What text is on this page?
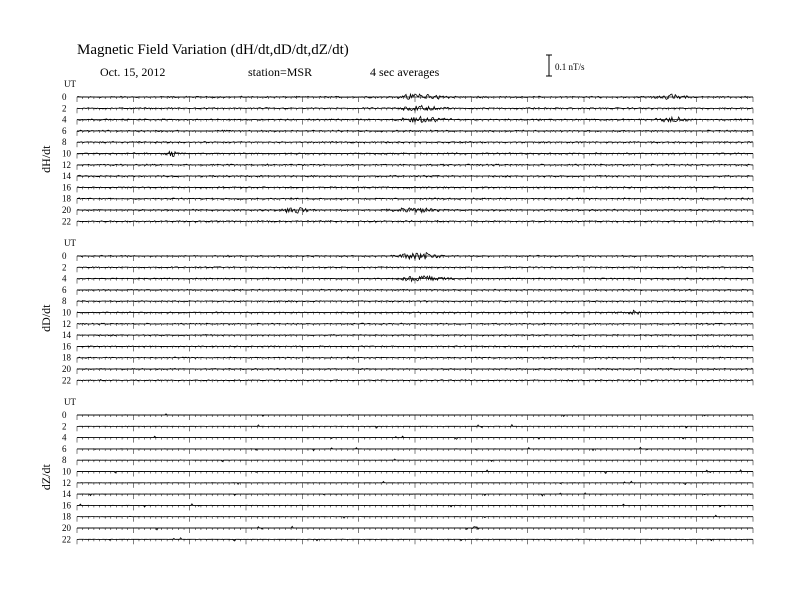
Magnetic Field Variation (dH/dt,dD/dt,dZ/dt)
Oct. 15, 2012	station=MSR	4 sec averages	0.1 nT/s
UT
dH/dt
0
2
4
6
8
10
12
14
16
18
20
22
UT
dD/dt
0
2
4
6
8
10
12
14
16
18
20
22
UT
dZ/dt
0
2
4
6
8
10
12
14
16
18
20
22
